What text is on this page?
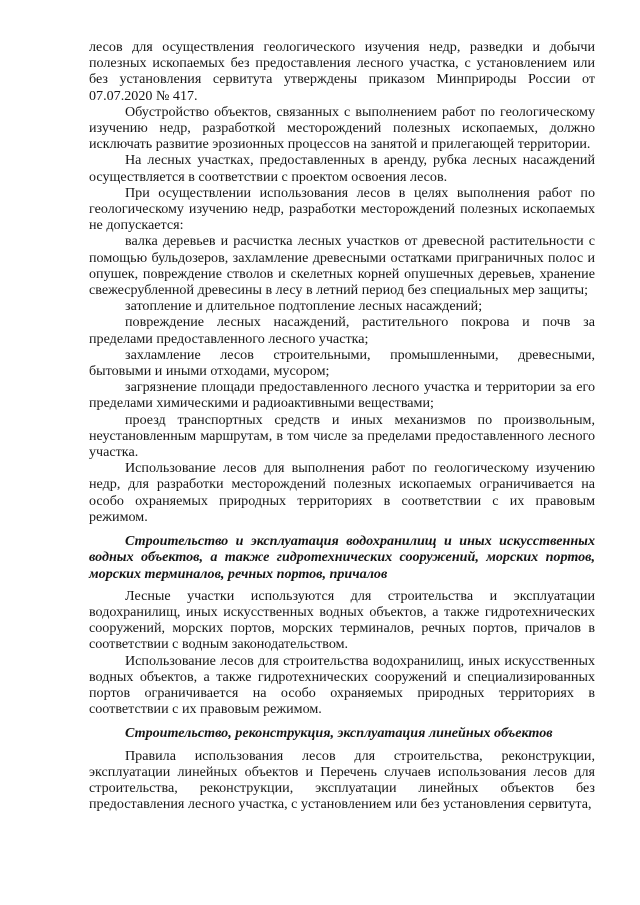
лесов для осуществления геологического изучения недр, разведки и добычи полезных ископаемых без предоставления лесного участка, с установлением или без установления сервитута утверждены приказом Минприроды России от 07.07.2020 № 417.

Обустройство объектов, связанных с выполнением работ по геологическому изучению недр, разработкой месторождений полезных ископаемых, должно исключать развитие эрозионных процессов на занятой и прилегающей территории.

На лесных участках, предоставленных в аренду, рубка лесных насаждений осуществляется в соответствии с проектом освоения лесов.

При осуществлении использования лесов в целях выполнения работ по геологическому изучению недр, разработки месторождений полезных ископаемых не допускается:

валка деревьев и расчистка лесных участков от древесной растительности с помощью бульдозеров, захламление древесными остатками приграничных полос и опушек, повреждение стволов и скелетных корней опушечных деревьев, хранение свежесрубленной древесины в лесу в летний период без специальных мер защиты;

затопление и длительное подтопление лесных насаждений;

повреждение лесных насаждений, растительного покрова и почв за пределами предоставленного лесного участка;

захламление лесов строительными, промышленными, древесными, бытовыми и иными отходами, мусором;

загрязнение площади предоставленного лесного участка и территории за его пределами химическими и радиоактивными веществами;

проезд транспортных средств и иных механизмов по произвольным, неустановленным маршрутам, в том числе за пределами предоставленного лесного участка.

Использование лесов для выполнения работ по геологическому изучению недр, для разработки месторождений полезных ископаемых ограничивается на особо охраняемых природных территориях в соответствии с их правовым режимом.

Строительство и эксплуатация водохранилищ и иных искусственных водных объектов, а также гидротехнических сооружений, морских портов, морских терминалов, речных портов, причалов

Лесные участки используются для строительства и эксплуатации водохранилищ, иных искусственных водных объектов, а также гидротехнических сооружений, морских портов, морских терминалов, речных портов, причалов в соответствии с водным законодательством.

Использование лесов для строительства водохранилищ, иных искусственных водных объектов, а также гидротехнических сооружений и специализированных портов ограничивается на особо охраняемых природных территориях в соответствии с их правовым режимом.

Строительство, реконструкция, эксплуатация линейных объектов

Правила использования лесов для строительства, реконструкции, эксплуатации линейных объектов и Перечень случаев использования лесов для строительства, реконструкции, эксплуатации линейных объектов без предоставления лесного участка, с установлением или без установления сервитута,
